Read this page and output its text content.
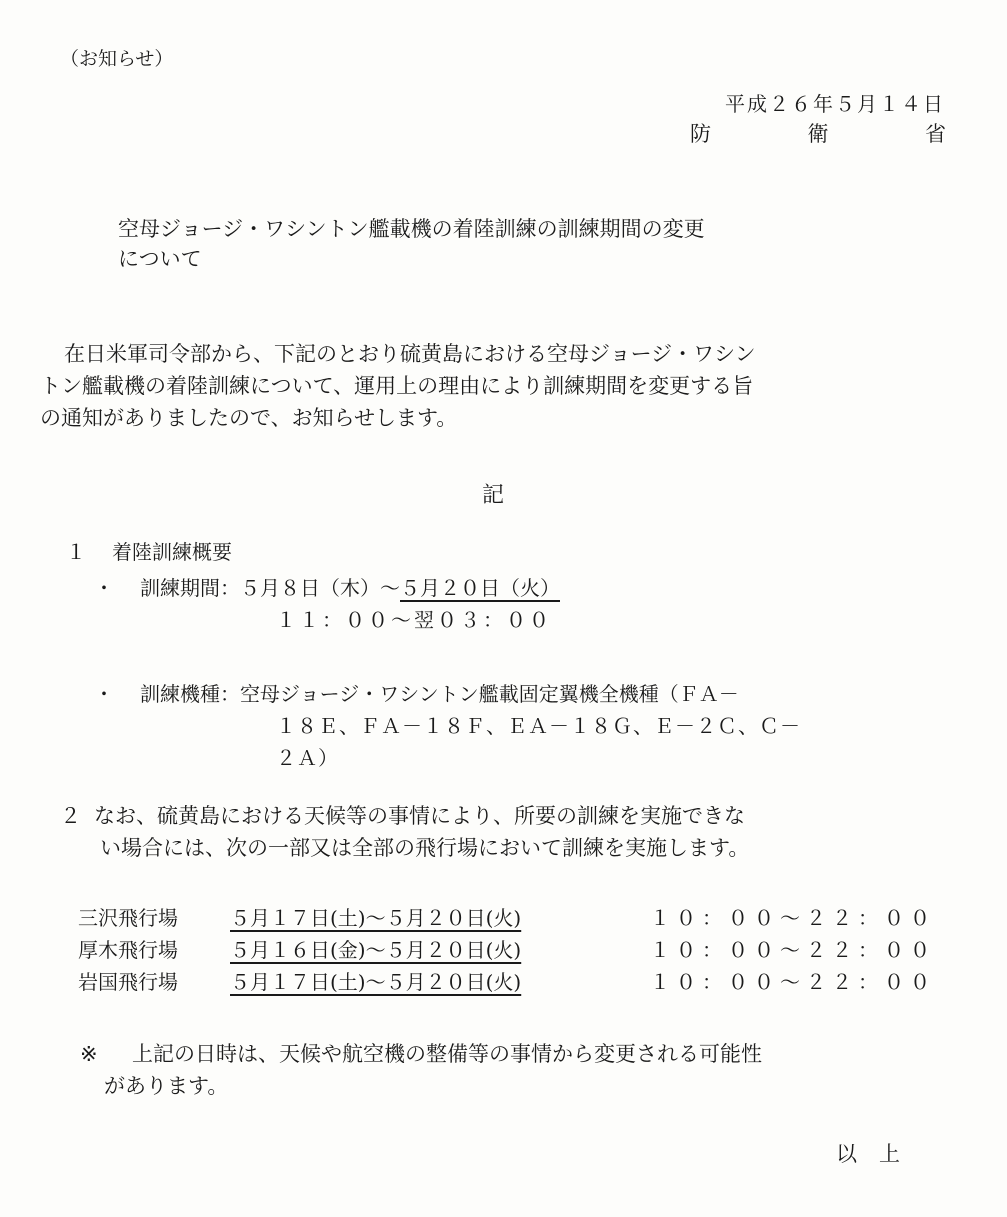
（お知らせ）
平成２６年５月１４日
防	衛	省
空母ジョージ・ワシントン艦載機の着陸訓練の訓練期間の変更
について
在日米軍司令部から、下記のとおり硫黄島における空母ジョージ・ワシン
トン艦載機の着陸訓練について、運用上の理由により訓練期間を変更する旨
の通知がありましたので、お知らせします。
記
１ 着陸訓練概要
・ 訓練期間：５月８日（木）～５月２０日（火）
１１：００～翌０３：００
・ 訓練機種：空母ジョージ・ワシントン艦載固定翼機全機種（ＦＡ－
１８Ｅ、ＦＡ－１８Ｆ、ＥＡ－１８Ｇ、Ｅ－２Ｃ、Ｃ－
２Ａ）
２ なお、硫黄島における天候等の事情により、所要の訓練を実施できな
い場合には、次の一部又は全部の飛行場において訓練を実施します。
三沢飛行場	５月１７日(土)～５月２０日(火)	１０：００～２２：００
厚木飛行場	５月１６日(金)～５月２０日(火)	１０：００～２２：００
岩国飛行場	５月１７日(土)～５月２０日(火)	１０：００～２２：００
※ 上記の日時は、天候や航空機の整備等の事情から変更される可能性
があります。
以上
